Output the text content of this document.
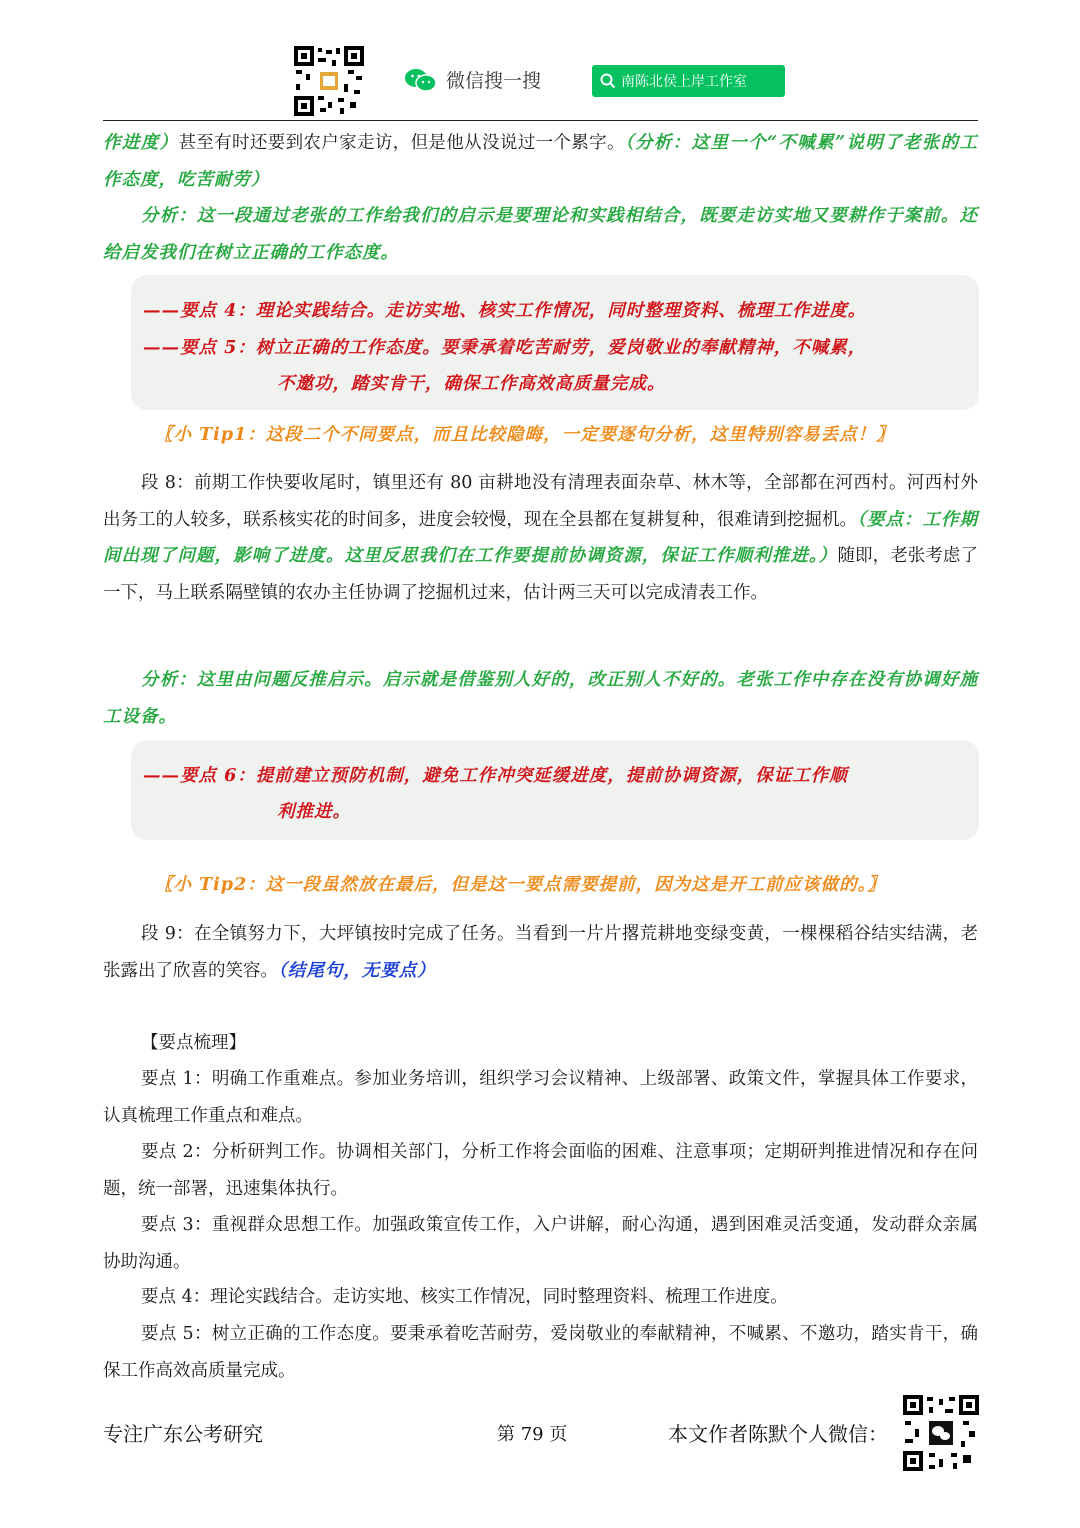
微信搜一搜	南陈北侯上岸工作室

作进度）甚至有时还要到农户家走访，但是他从没说过一个累字。（分析：这里一个“不喊累”说明了老张的工作态度，吃苦耐劳）

分析：这一段通过老张的工作给我们的启示是要理论和实践相结合，既要走访实地又要耕作于案前。还给启发我们在树立正确的工作态度。

——要点 4：理论实践结合。走访实地、核实工作情况，同时整理资料、梳理工作进度。
——要点 5：树立正确的工作态度。要秉承着吃苦耐劳，爱岗敬业的奉献精神，不喊累，
不邀功，踏实肯干，确保工作高效高质量完成。
〖小 Tip1：这段二个不同要点，而且比较隐晦，一定要逐句分析，这里特别容易丢点！〗

段 8：前期工作快要收尾时，镇里还有 80 亩耕地没有清理表面杂草、林木等，全部都在河西村。河西村外出务工的人较多，联系核实花的时间多，进度会较慢，现在全县都在复耕复种，很难请到挖掘机。（要点：工作期间出现了问题，影响了进度。这里反思我们在工作要提前协调资源，保证工作顺利推进。）随即，老张考虑了一下，马上联系隔壁镇的农办主任协调了挖掘机过来，估计两三天可以完成清表工作。

分析：这里由问题反推启示。启示就是借鉴别人好的，改正别人不好的。老张工作中存在没有协调好施工设备。

——要点 6：提前建立预防机制，避免工作冲突延缓进度，提前协调资源，保证工作顺
利推进。
〖小 Tip2：这一段虽然放在最后，但是这一要点需要提前，因为这是开工前应该做的。〗

段 9：在全镇努力下，大坪镇按时完成了任务。当看到一片片撂荒耕地变绿变黄，一棵棵稻谷结实结满，老张露出了欣喜的笑容。（结尾句，无要点）

【要点梳理】

要点 1：明确工作重难点。参加业务培训，组织学习会议精神、上级部署、政策文件，掌握具体工作要求，认真梳理工作重点和难点。

要点 2：分析研判工作。协调相关部门，分析工作将会面临的困难、注意事项；定期研判推进情况和存在问题，统一部署，迅速集体执行。

要点 3：重视群众思想工作。加强政策宣传工作，入户讲解，耐心沟通，遇到困难灵活变通，发动群众亲属协助沟通。

要点 4：理论实践结合。走访实地、核实工作情况，同时整理资料、梳理工作进度。

要点 5：树立正确的工作态度。要秉承着吃苦耐劳，爱岗敬业的奉献精神，不喊累、不邀功，踏实肯干，确保工作高效高质量完成。

专注广东公考研究	第 79 页	本文作者陈默个人微信：
